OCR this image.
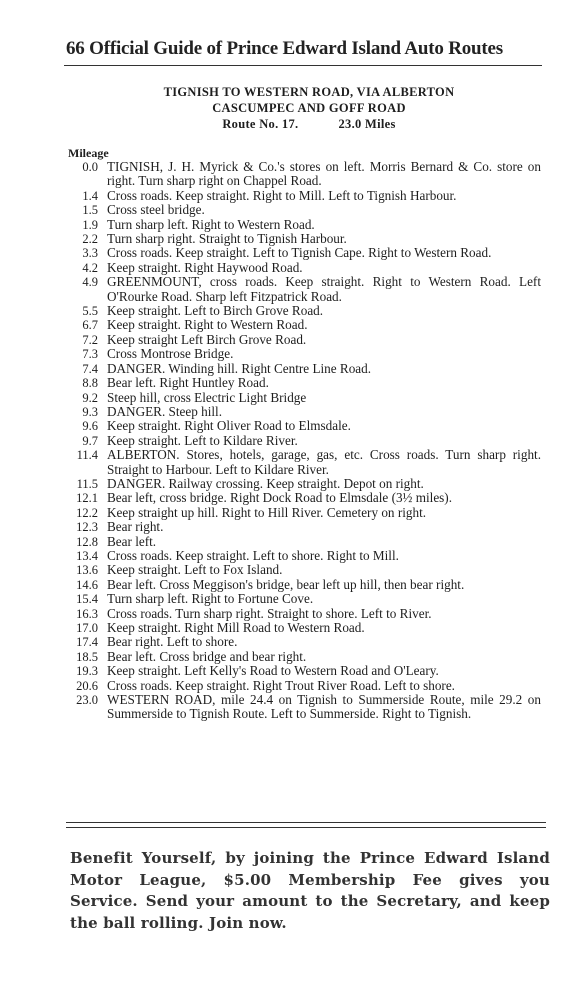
66 Official Guide of Prince Edward Island Auto Routes
TIGNISH TO WESTERN ROAD, VIA ALBERTON
CASCUMPEC AND GOFF ROAD
Route No. 17.	23.0 Miles
Mileage
0.0 TIGNISH, J. H. Myrick & Co.'s stores on left. Morris Bernard & Co. store on right. Turn sharp right on Chappel Road.
1.4 Cross roads. Keep straight. Right to Mill. Left to Tignish Harbour.
1.5 Cross steel bridge.
1.9 Turn sharp left. Right to Western Road.
2.2 Turn sharp right. Straight to Tignish Harbour.
3.3 Cross roads. Keep straight. Left to Tignish Cape. Right to Western Road.
4.2 Keep straight. Right Haywood Road.
4.9 GREENMOUNT, cross roads. Keep straight. Right to Western Road. Left O'Rourke Road. Sharp left Fitzpatrick Road.
5.5 Keep straight. Left to Birch Grove Road.
6.7 Keep straight. Right to Western Road.
7.2 Keep straight Left Birch Grove Road.
7.3 Cross Montrose Bridge.
7.4 DANGER. Winding hill. Right Centre Line Road.
8.8 Bear left. Right Huntley Road.
9.2 Steep hill, cross Electric Light Bridge
9.3 DANGER. Steep hill.
9.6 Keep straight. Right Oliver Road to Elmsdale.
9.7 Keep straight. Left to Kildare River.
11.4 ALBERTON. Stores, hotels, garage, gas, etc. Cross roads. Turn sharp right. Straight to Harbour. Left to Kildare River.
11.5 DANGER. Railway crossing. Keep straight. Depot on right.
12.1 Bear left, cross bridge. Right Dock Road to Elmsdale (3½ miles).
12.2 Keep straight up hill. Right to Hill River. Cemetery on right.
12.3 Bear right.
12.8 Bear left.
13.4 Cross roads. Keep straight. Left to shore. Right to Mill.
13.6 Keep straight. Left to Fox Island.
14.6 Bear left. Cross Meggison's bridge, bear left up hill, then bear right.
15.4 Turn sharp left. Right to Fortune Cove.
16.3 Cross roads. Turn sharp right. Straight to shore. Left to River.
17.0 Keep straight. Right Mill Road to Western Road.
17.4 Bear right. Left to shore.
18.5 Bear left. Cross bridge and bear right.
19.3 Keep straight. Left Kelly's Road to Western Road and O'Leary.
20.6 Cross roads. Keep straight. Right Trout River Road. Left to shore.
23.0 WESTERN ROAD, mile 24.4 on Tignish to Summerside Route, mile 29.2 on Summerside to Tignish Route. Left to Summerside. Right to Tignish.
Benefit Yourself, by joining the Prince Edward Island Motor League, $5.00 Membership Fee gives you Service. Send your amount to the Secretary, and keep the ball rolling. Join now.
